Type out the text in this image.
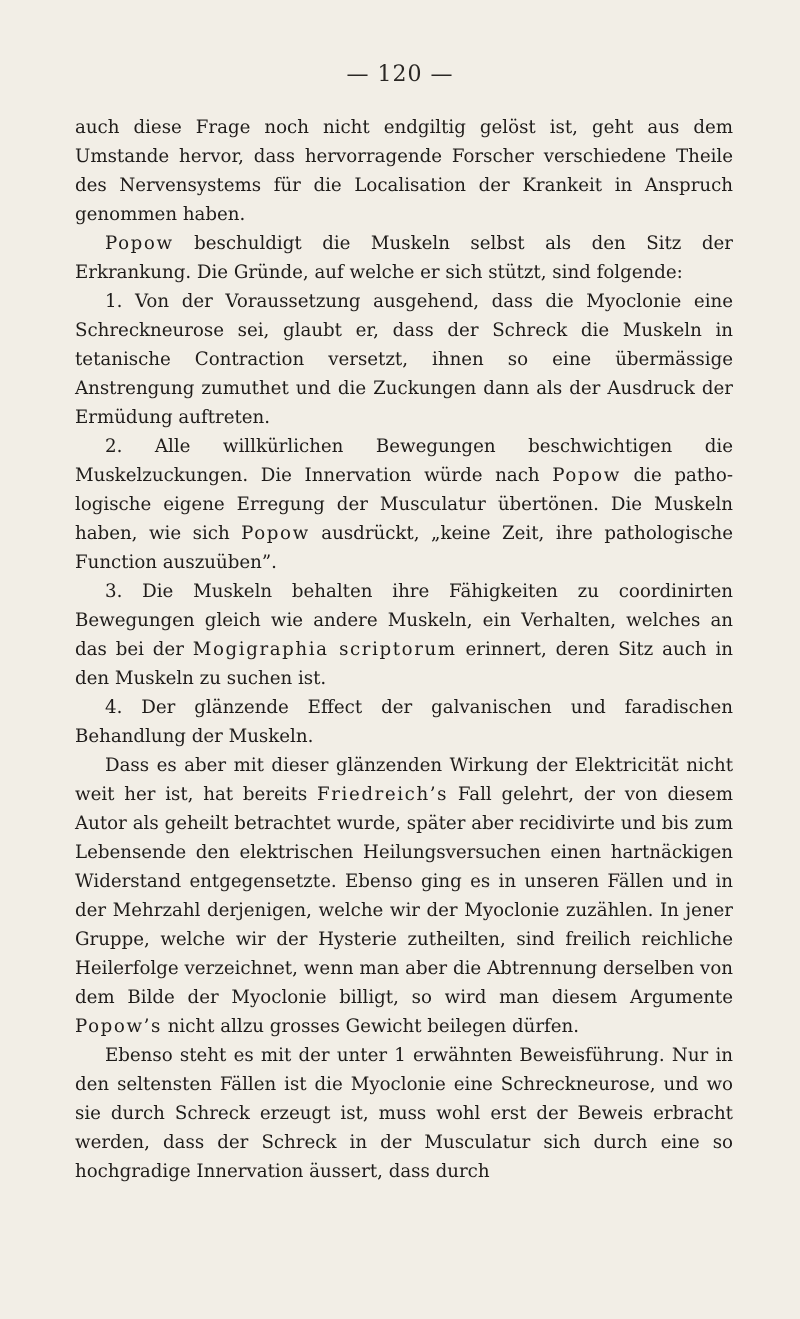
— 120 —

auch diese Frage noch nicht endgiltig gelöst ist, geht aus dem Umstande hervor, dass hervorragende Forscher verschiedene Theile des Nervensystems für die Localisation der Krankeit in Anspruch genommen haben.

Popow beschuldigt die Muskeln selbst als den Sitz der Erkrankung. Die Gründe, auf welche er sich stützt, sind folgende:

1. Von der Voraussetzung ausgehend, dass die Myoclonie eine Schreckneurose sei, glaubt er, dass der Schreck die Muskeln in tetanische Contraction versetzt, ihnen so eine übermässige Anstrengung zumuthet und die Zuckungen dann als der Ausdruck der Ermüdung auftreten.

2. Alle willkürlichen Bewegungen beschwichtigen die Muskelzuckungen. Die Innervation würde nach Popow die pathologische eigene Erregung der Musculatur übertönen. Die Muskeln haben, wie sich Popow ausdrückt, „keine Zeit, ihre pathologische Function auszuüben”.

3. Die Muskeln behalten ihre Fähigkeiten zu coordinirten Bewegungen gleich wie andere Muskeln, ein Verhalten, welches an das bei der Mogigraphia scriptorum erinnert, deren Sitz auch in den Muskeln zu suchen ist.

4. Der glänzende Effect der galvanischen und faradischen Behandlung der Muskeln.

Dass es aber mit dieser glänzenden Wirkung der Elektricität nicht weit her ist, hat bereits Friedreich’s Fall gelehrt, der von diesem Autor als geheilt betrachtet wurde, später aber recidivirte und bis zum Lebensende den elektrischen Heilungsversuchen einen hartnäckigen Widerstand entgegensetzte. Ebenso ging es in unseren Fällen und in der Mehrzahl derjenigen, welche wir der Myoclonie zuzählen. In jener Gruppe, welche wir der Hysterie zutheilten, sind freilich reichliche Heilerfolge verzeichnet, wenn man aber die Abtrennung derselben von dem Bilde der Myoclonie billigt, so wird man diesem Argumente Popow’s nicht allzu grosses Gewicht beilegen dürfen.

Ebenso steht es mit der unter 1 erwähnten Beweisführung. Nur in den seltensten Fällen ist die Myoclonie eine Schreckneurose, und wo sie durch Schreck erzeugt ist, muss wohl erst der Beweis erbracht werden, dass der Schreck in der Musculatur sich durch eine so hochgradige Innervation äussert, dass durch
